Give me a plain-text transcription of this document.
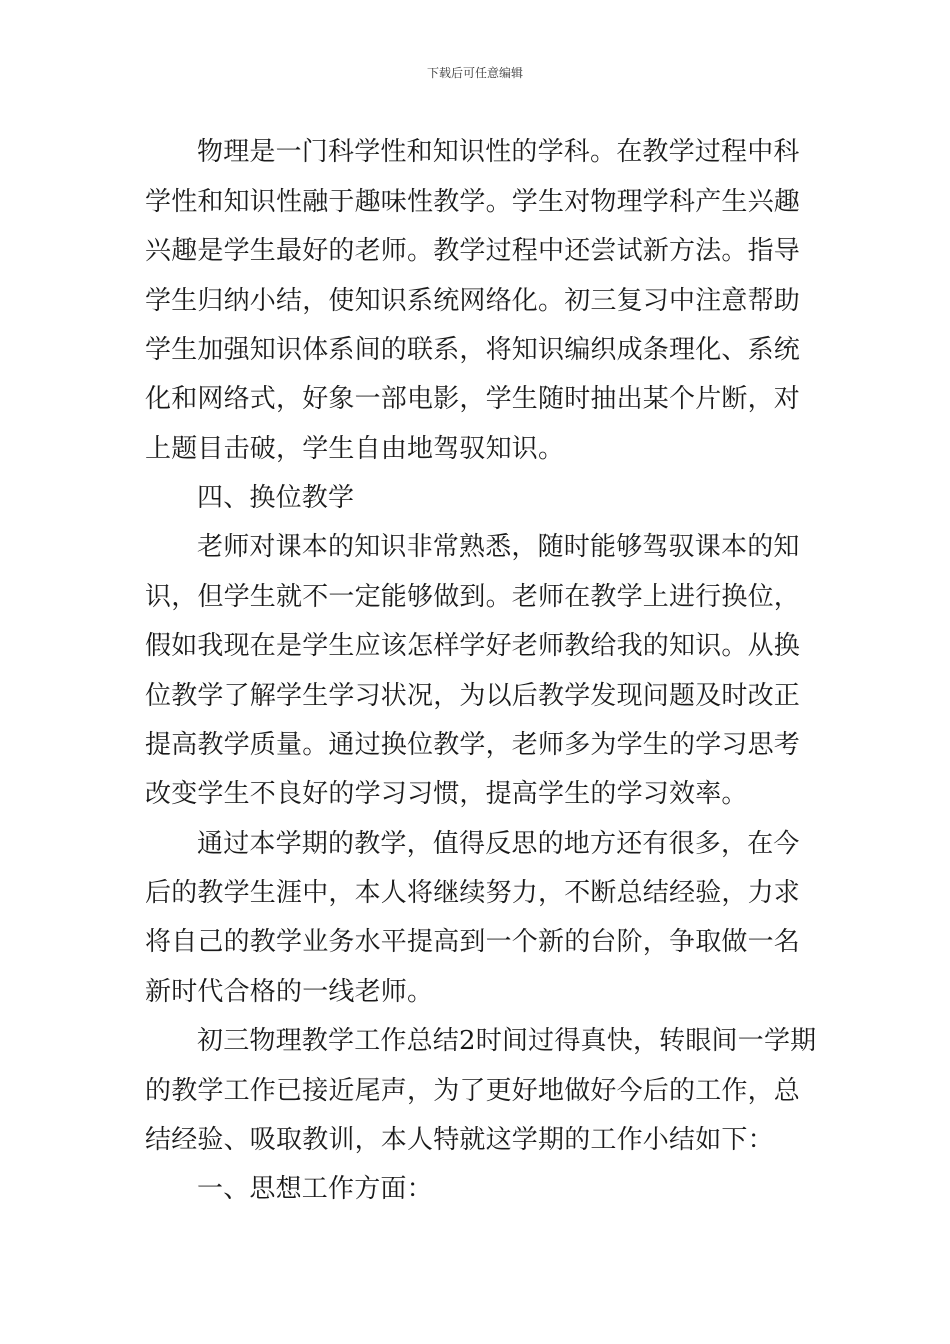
下载后可任意编辑
物理是一门科学性和知识性的学科。在教学过程中科
学性和知识性融于趣味性教学。学生对物理学科产生兴趣
兴趣是学生最好的老师。教学过程中还尝试新方法。指导
学生归纳小结，使知识系统网络化。初三复习中注意帮助
学生加强知识体系间的联系，将知识编织成条理化、系统
化和网络式，好象一部电影，学生随时抽出某个片断，对
上题目击破，学生自由地驾驭知识。
四、换位教学
老师对课本的知识非常熟悉，随时能够驾驭课本的知
识，但学生就不一定能够做到。老师在教学上进行换位，
假如我现在是学生应该怎样学好老师教给我的知识。从换
位教学了解学生学习状况，为以后教学发现问题及时改正
提高教学质量。通过换位教学，老师多为学生的学习思考
改变学生不良好的学习习惯，提高学生的学习效率。
通过本学期的教学，值得反思的地方还有很多，在今
后的教学生涯中，本人将继续努力，不断总结经验，力求
将自己的教学业务水平提高到一个新的台阶，争取做一名
新时代合格的一线老师。
初三物理教学工作总结2时间过得真快，转眼间一学期
的教学工作已接近尾声，为了更好地做好今后的工作，总
结经验、吸取教训，本人特就这学期的工作小结如下：
一、思想工作方面：
